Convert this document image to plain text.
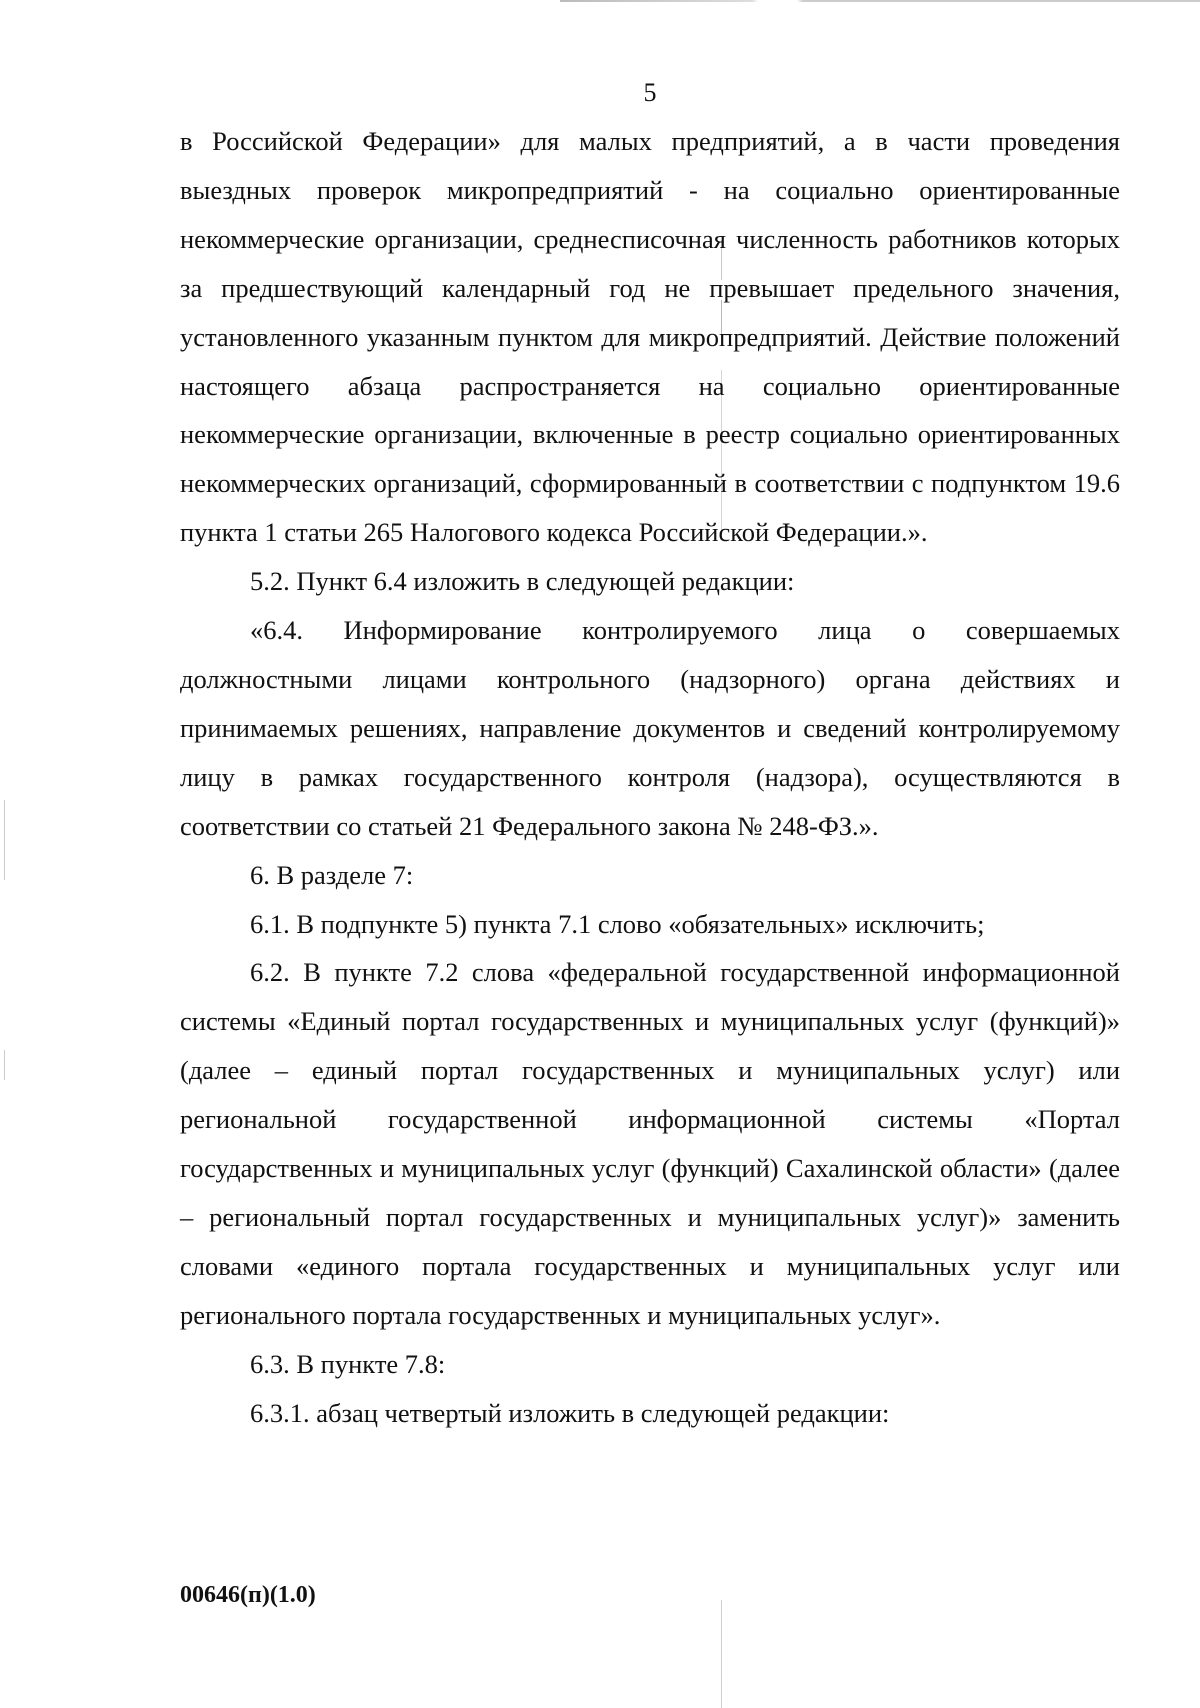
5

в Российской Федерации» для малых предприятий, а в части проведения выездных проверок микропредприятий - на социально ориентированные некоммерческие организации, среднесписочная численность работников которых за предшествующий календарный год не превышает предельного значения, установленного указанным пунктом для микропредприятий. Действие положений настоящего абзаца распространяется на социально ориентированные некоммерческие организации, включенные в реестр социально ориентированных некоммерческих организаций, сформированный в соответствии с подпунктом 19.6 пункта 1 статьи 265 Налогового кодекса Российской Федерации.».

5.2. Пункт 6.4 изложить в следующей редакции:

«6.4. Информирование контролируемого лица о совершаемых должностными лицами контрольного (надзорного) органа действиях и принимаемых решениях, направление документов и сведений контролируемому лицу в рамках государственного контроля (надзора), осуществляются в соответствии со статьей 21 Федерального закона № 248-ФЗ.».

6. В разделе 7:

6.1. В подпункте 5) пункта 7.1 слово «обязательных» исключить;

6.2. В пункте 7.2 слова «федеральной государственной информационной системы «Единый портал государственных и муниципальных услуг (функций)» (далее – единый портал государственных и муниципальных услуг) или региональной государственной информационной системы «Портал государственных и муниципальных услуг (функций) Сахалинской области» (далее – региональный портал государственных и муниципальных услуг)» заменить словами «единого портала государственных и муниципальных услуг или регионального портала государственных и муниципальных услуг».

6.3. В пункте 7.8:

6.3.1. абзац четвертый изложить в следующей редакции:

00646(п)(1.0)
